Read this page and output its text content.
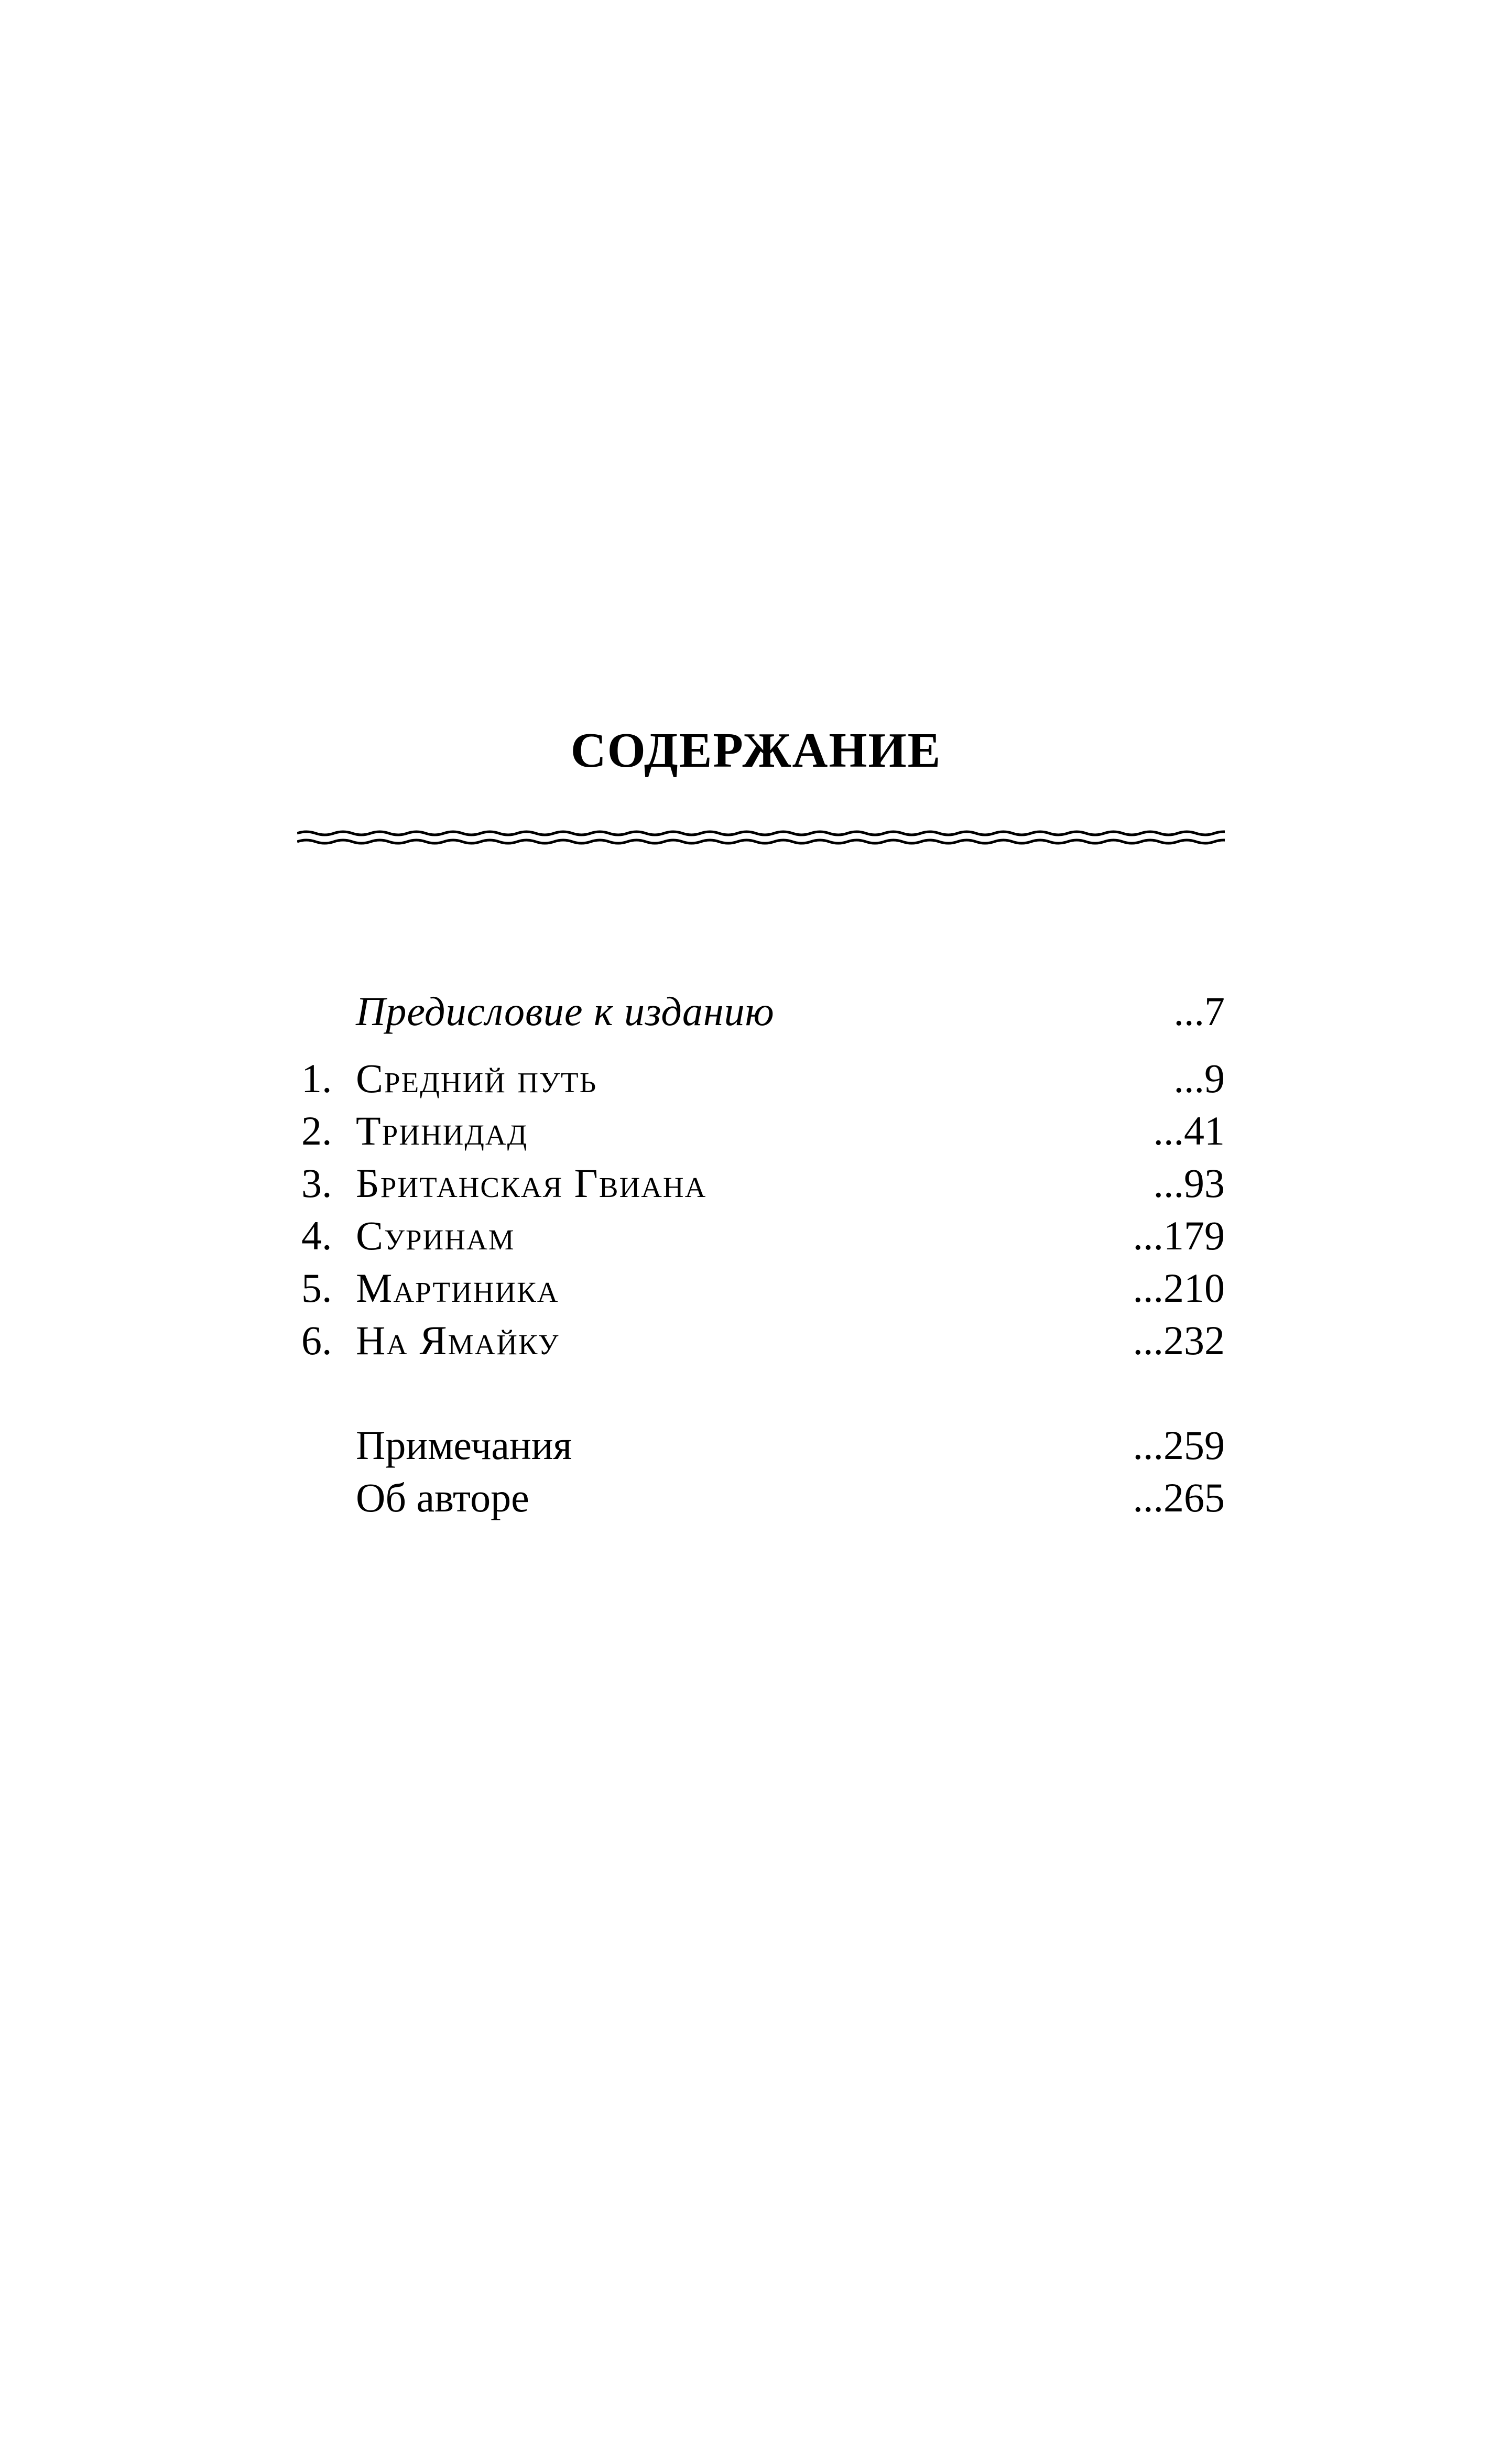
СОДЕРЖАНИЕ
Предисловие к изданию	...7
1. Средний путь	...9
2. Тринидад	...41
3. Британская Гвиана	...93
4. Суринам	...179
5. Мартиника	...210
6. На Ямайку	...232
Примечания	...259
Об авторе	...265
